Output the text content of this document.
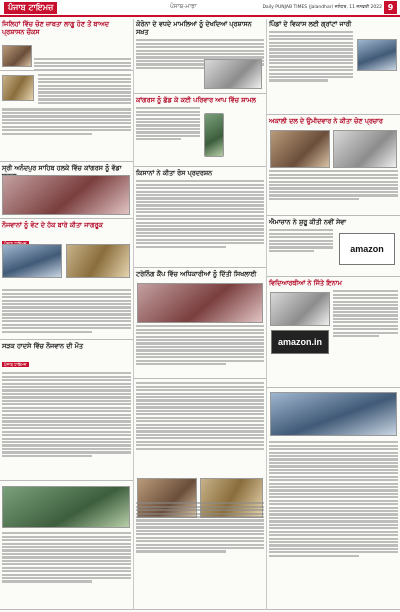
ਪੰਜਾਬ ਟਾਇਮਜ਼	ਪੰਜਾਬ-ਮਾਝਾ	Daily PUNJAB TIMES (Jalandhar) ਜਲੰਧਰ, 11 ਜਨਵਰੀ 2022 9
ਜਿਲਿਹਾਂ ਵਿੱਚ ਚੋਣ ਜ਼ਾਬਤਾ ਲਾਗੂ ਹੋਣ ਤੋਂ ਬਾਅਦ ਪ੍ਰਸ਼ਾਸਨ ਚੌਕਸ
ਕੋਰੋਨਾ ਦੇ ਵਧਦੇ ਮਾਮਲਿਆਂ ਨੂੰ ਦੇਖਦਿਆਂ ਪ੍ਰਸ਼ਾਸਨ ਸਖ਼ਤ
ਪਿੰਡਾਂ ਦੇ ਵਿਕਾਸ ਲਈ ਗ੍ਰਾਂਟਾਂ ਜਾਰੀ
ਕਾਂਗਰਸ ਨੂੰ ਛੱਡ ਕੇ ਕਈ ਪਰਿਵਾਰ ਆਪ ਵਿੱਚ ਸ਼ਾਮਲ
ਸ੍ਰੀ ਅਨੰਦਪੁਰ ਸਾਹਿਬ ਹਲਕੇ ਵਿੱਚ ਕਾਂਗਰਸ ਨੂੰ ਵੱਡਾ
ਅਕਾਲੀ ਦਲ ਦੇ ਉਮੀਦਵਾਰ ਨੇ ਕੀਤਾ ਚੋਣ ਪ੍ਰਚਾਰ
ਕਿਸਾਨਾਂ ਨੇ ਕੀਤਾ ਰੋਸ ਪ੍ਰਦਰਸ਼ਨ
ਐਮਾਜ਼ਾਨ ਨੇ ਸ਼ੁਰੂ ਕੀਤੀ ਨਵੀਂ ਸੇਵਾ
amazon
ਨੌਜਵਾਨਾਂ ਨੂੰ ਵੋਟ ਦੇ ਹੱਕ ਬਾਰੇ ਕੀਤਾ ਜਾਗਰੂਕ
ਟਰੇਨਿੰਗ ਕੈਂਪ ਵਿੱਚ ਅਧਿਕਾਰੀਆਂ ਨੂੰ ਦਿੱਤੀ ਸਿਖਲਾਈ
ਵਿਦਿਆਰਥੀਆਂ ਨੇ ਜਿੱਤੇ ਇਨਾਮ
amazon.in
ਸੜਕ ਹਾਦਸੇ ਵਿੱਚ ਨੌਜਵਾਨ ਦੀ ਮੌਤ
ਪੰਜਾਬ ਟਾਇਮਜ਼
